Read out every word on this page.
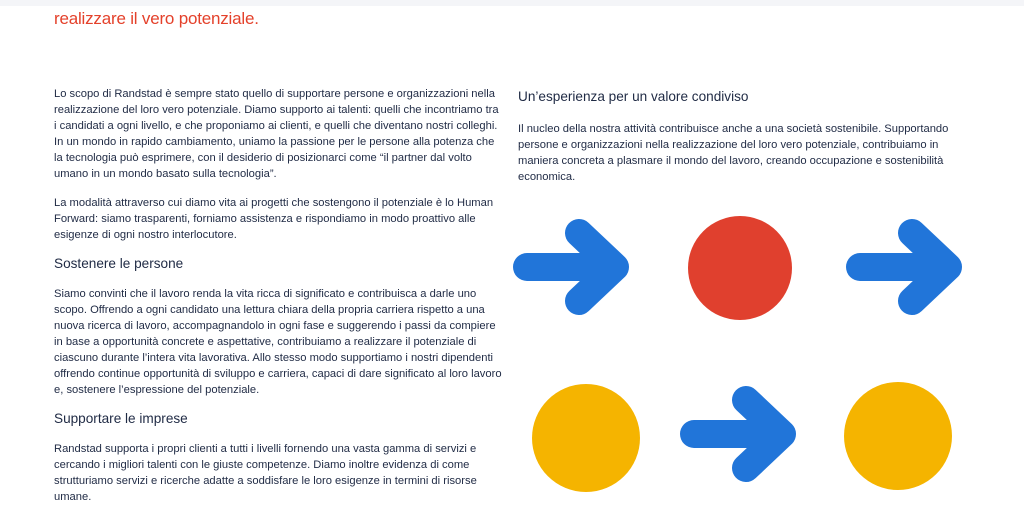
realizzare il vero potenziale.

Lo scopo di Randstad è sempre stato quello di supportare persone e organizzazioni nella realizzazione del loro vero potenziale. Diamo supporto ai talenti: quelli che incontriamo tra i candidati a ogni livello, e che proponiamo ai clienti, e quelli che diventano nostri colleghi. In un mondo in rapido cambiamento, uniamo la passione per le persone alla potenza che la tecnologia può esprimere, con il desiderio di posizionarci come “il partner dal volto umano in un mondo basato sulla tecnologia”.

La modalità attraverso cui diamo vita ai progetti che sostengono il potenziale è lo Human Forward: siamo trasparenti, forniamo assistenza e rispondiamo in modo proattivo alle esigenze di ogni nostro interlocutore.

Sostenere le persone

Siamo convinti che il lavoro renda la vita ricca di significato e contribuisca a darle uno scopo. Offrendo a ogni candidato una lettura chiara della propria carriera rispetto a una nuova ricerca di lavoro, accompagnandolo in ogni fase e suggerendo i passi da compiere in base a opportunità concrete e aspettative, contribuiamo a realizzare il potenziale di ciascuno durante l’intera vita lavorativa. Allo stesso modo supportiamo i nostri dipendenti offrendo continue opportunità di sviluppo e carriera, capaci di dare significato al loro lavoro e, sostenere l’espressione del potenziale.

Supportare le imprese

Randstad supporta i propri clienti a tutti i livelli fornendo una vasta gamma di servizi e cercando i migliori talenti con le giuste competenze. Diamo inoltre evidenza di come strutturiamo servizi e ricerche adatte a soddisfare le loro esigenze in termini di risorse umane.

Un’esperienza per un valore condiviso

Il nucleo della nostra attività contribuisce anche a una società sostenibile. Supportando persone e organizzazioni nella realizzazione del loro vero potenziale, contribuiamo in maniera concreta a plasmare il mondo del lavoro, creando occupazione e sostenibilità economica.
